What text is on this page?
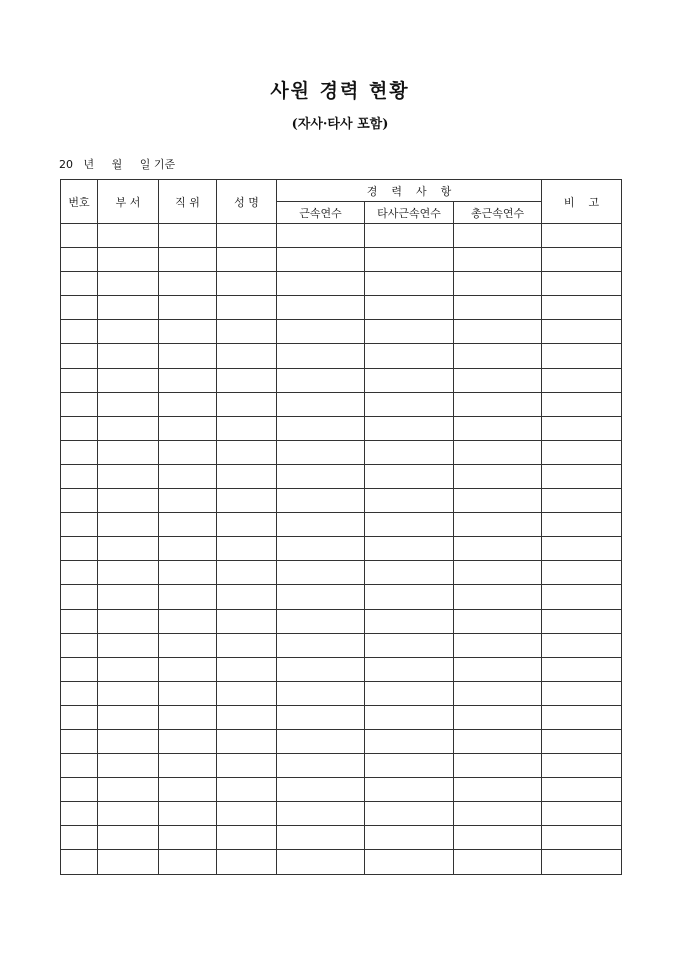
사원 경력 현황
(자사·타사 포함)
20   년     월     일 기준
번호	부 서	직 위	성 명	경    력    사    항			비    고
				근속연수	타사근속연수	총근속연수	
